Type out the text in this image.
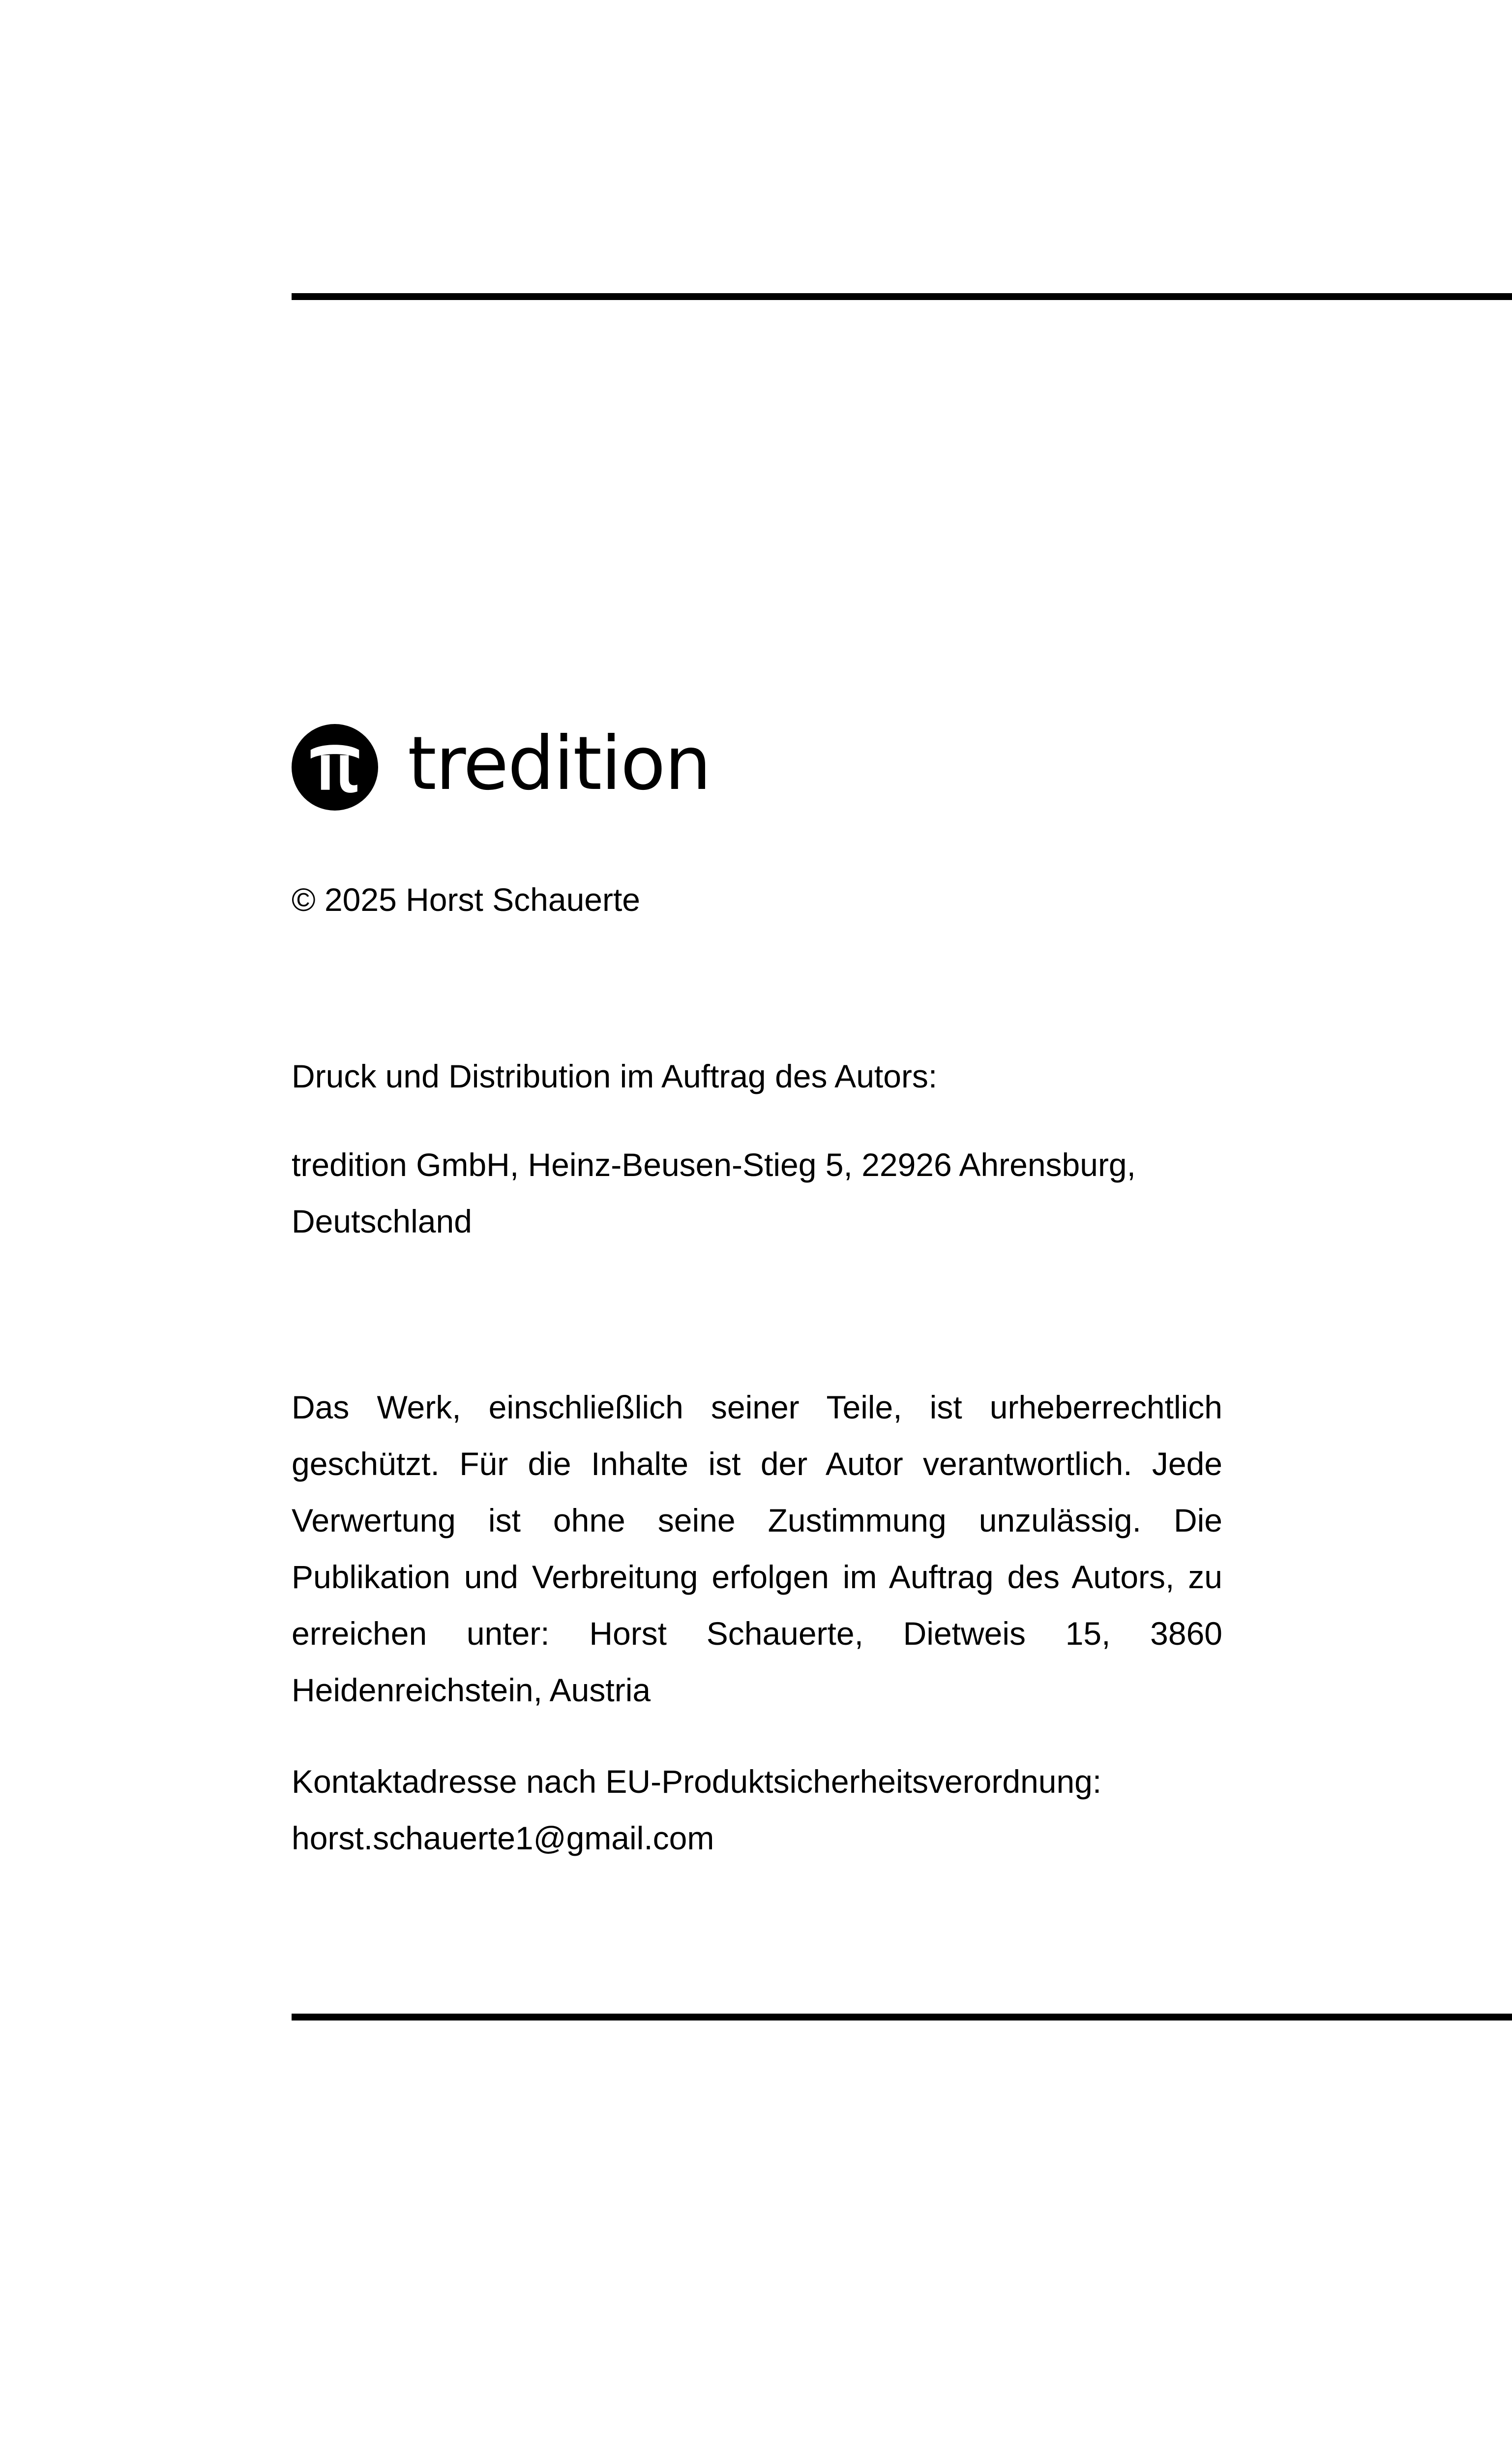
tredition

© 2025 Horst Schauerte

Druck und Distribution im Auftrag des Autors:

tredition GmbH, Heinz-Beusen-Stieg 5, 22926 Ahrensburg, Deutschland

Das Werk, einschließlich seiner Teile, ist urheberrechtlich geschützt. Für die Inhalte ist der Autor verantwortlich. Jede Verwertung ist ohne seine Zustimmung unzulässig. Die Publikation und Verbreitung erfolgen im Auftrag des Autors, zu erreichen unter: Horst Schauerte, Dietweis 15, 3860 Heidenreichstein, Austria

Kontaktadresse nach EU-Produktsicherheitsverordnung:
horst.schauerte1@gmail.com
